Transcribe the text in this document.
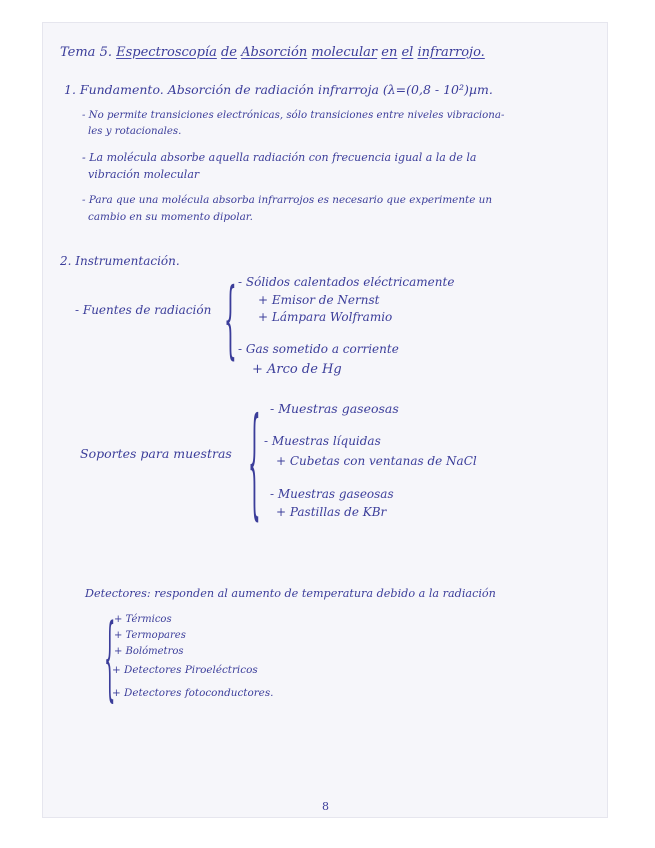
Tema 5. Espectroscopía de Absorción molecular en el infrarrojo.
1. Fundamento. Absorción de radiación infrarroja (λ=(0,8 - 10²)µm.
- No permite transiciones electrónicas, sólo transiciones entre niveles vibraciona-
les y rotacionales.
- La molécula absorbe aquella radiación con frecuencia igual a la de la
vibración molecular
- Para que una molécula absorba infrarrojos es necesario que experimente un
cambio en su momento dipolar.
2. Instrumentación.
- Fuentes de radiación { - Sólidos calentados eléctricamente
+ Emisor de Nernst
+ Lámpara Wolframio
- Gas sometido a corriente
+ Arco de Hg
Soportes para muestras { - Muestras gaseosas
- Muestras líquidas
+ Cubetas con ventanas de NaCl
- Muestras gaseosas
+ Pastillas de KBr
Detectores: responden al aumento de temperatura debido a la radiación
{
+ Térmicos
+ Termopares
+ Bolómetros
+ Detectores Piroeléctricos
+ Detectores fotoconductores.
8
